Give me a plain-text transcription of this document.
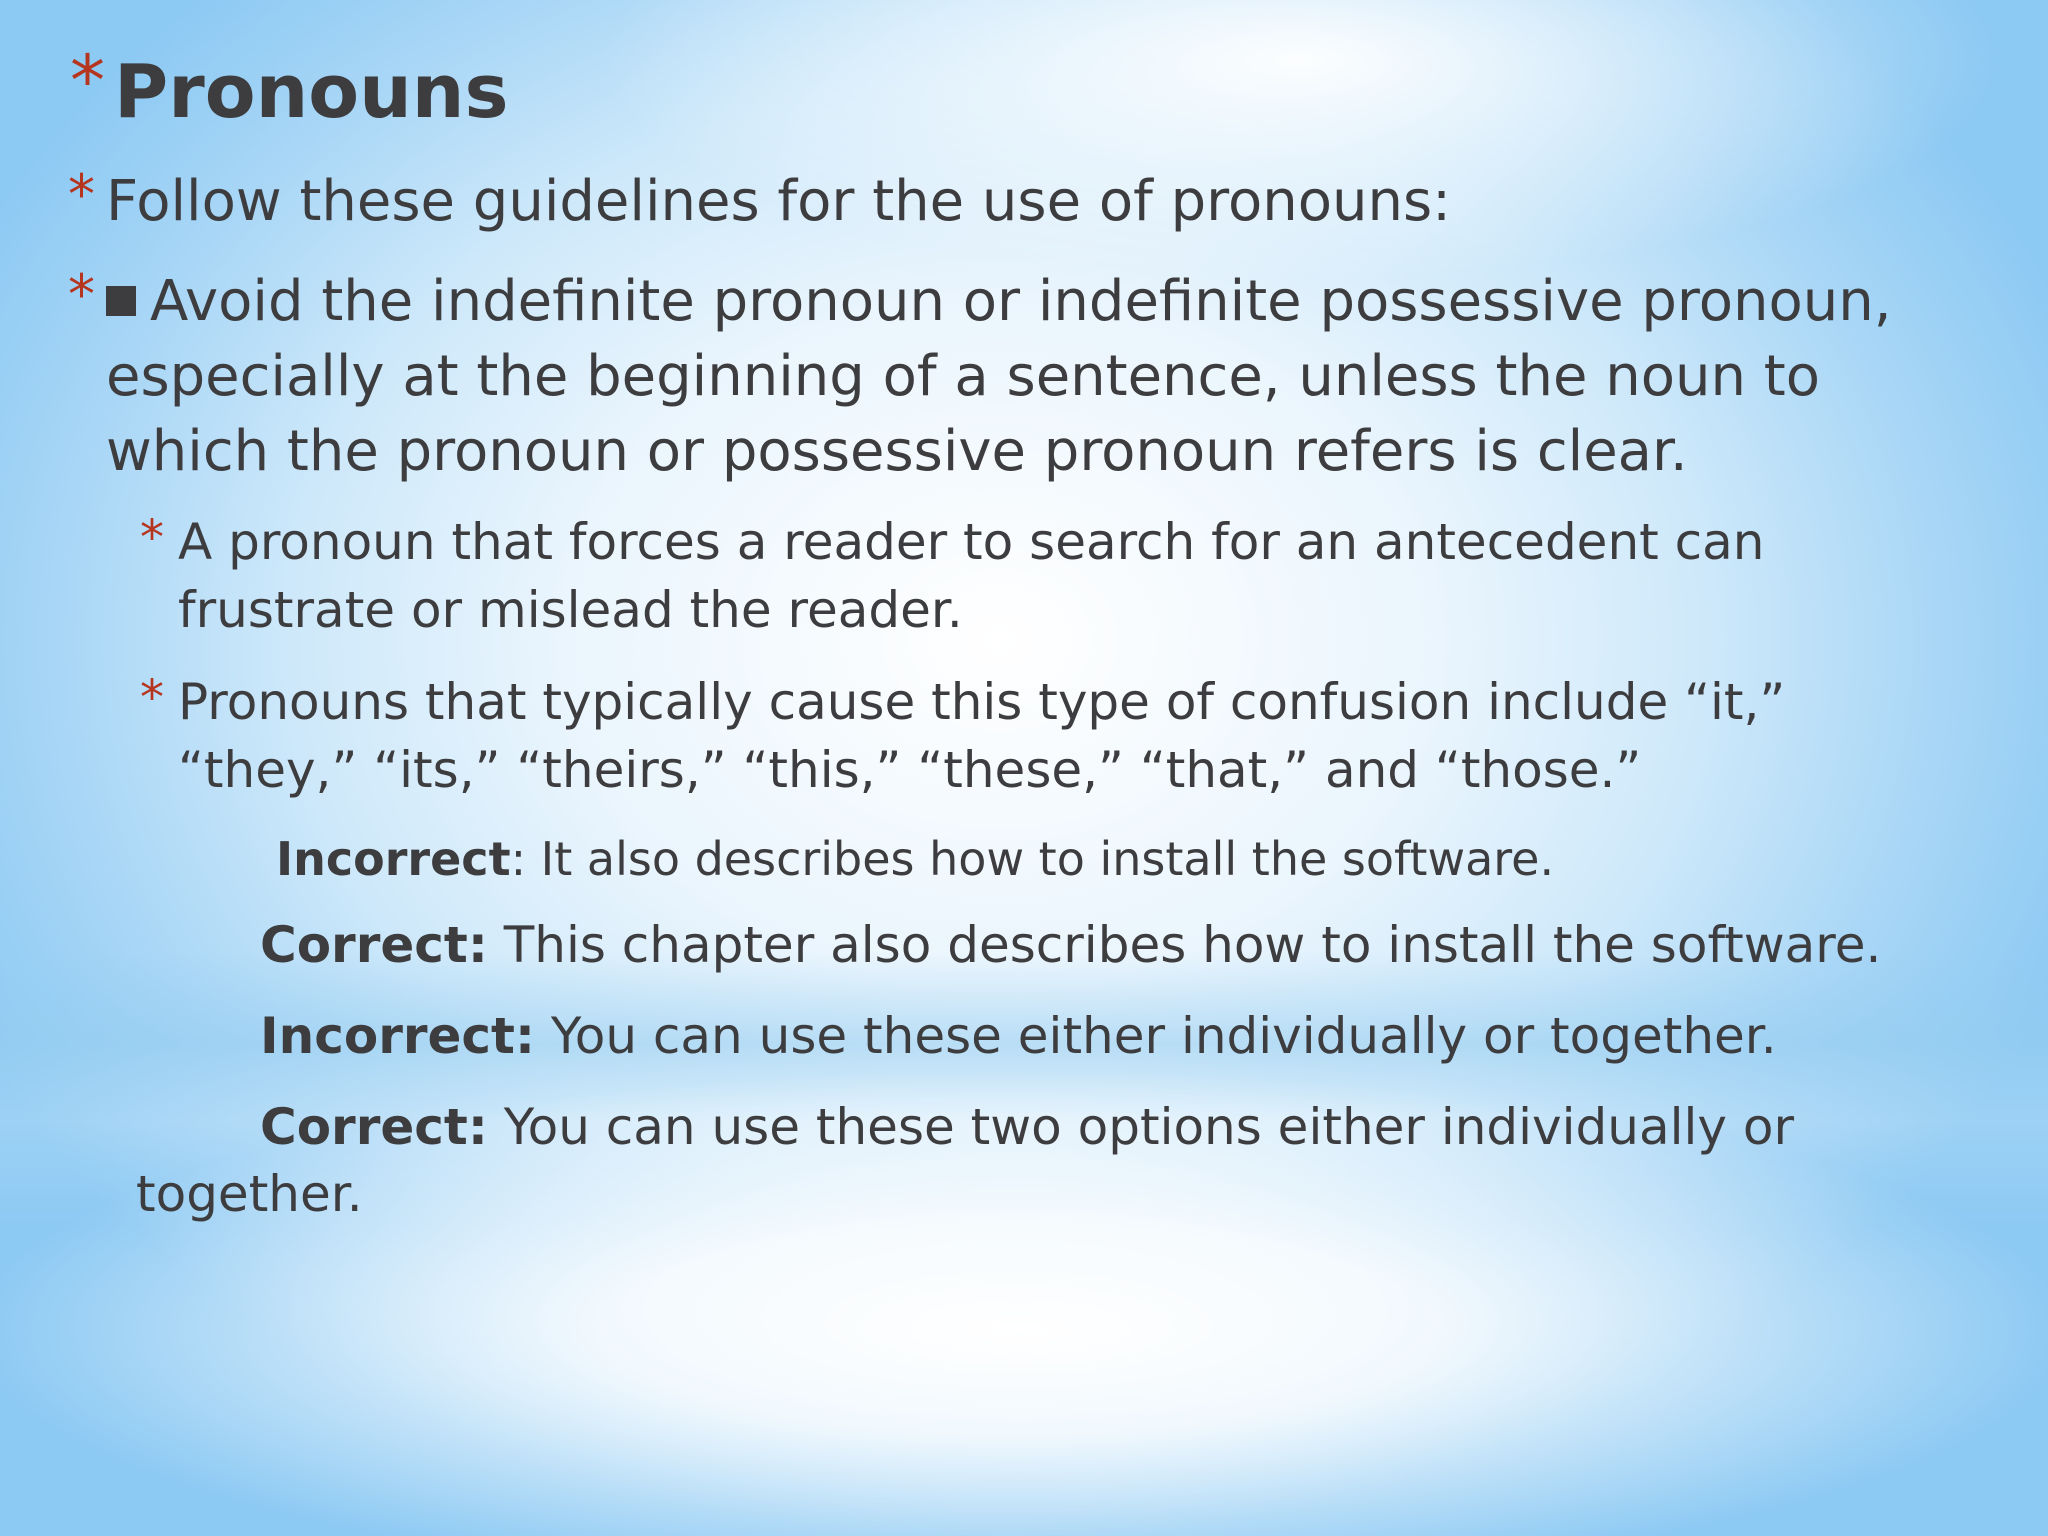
* Pronouns
* Follow these guidelines for the use of pronouns:
* Avoid the indefinite pronoun or indefinite possessive pronoun, especially at the beginning of a sentence, unless the noun to which the pronoun or possessive pronoun refers is clear.
* A pronoun that forces a reader to search for an antecedent can frustrate or mislead the reader.
* Pronouns that typically cause this type of confusion include “it,” “they,” “its,” “theirs,” “this,” “these,” “that,” and “those.”
Incorrect: It also describes how to install the software.
Correct: This chapter also describes how to install the software.
Incorrect: You can use these either individually or together.
Correct: You can use these two options either individually or
together.
